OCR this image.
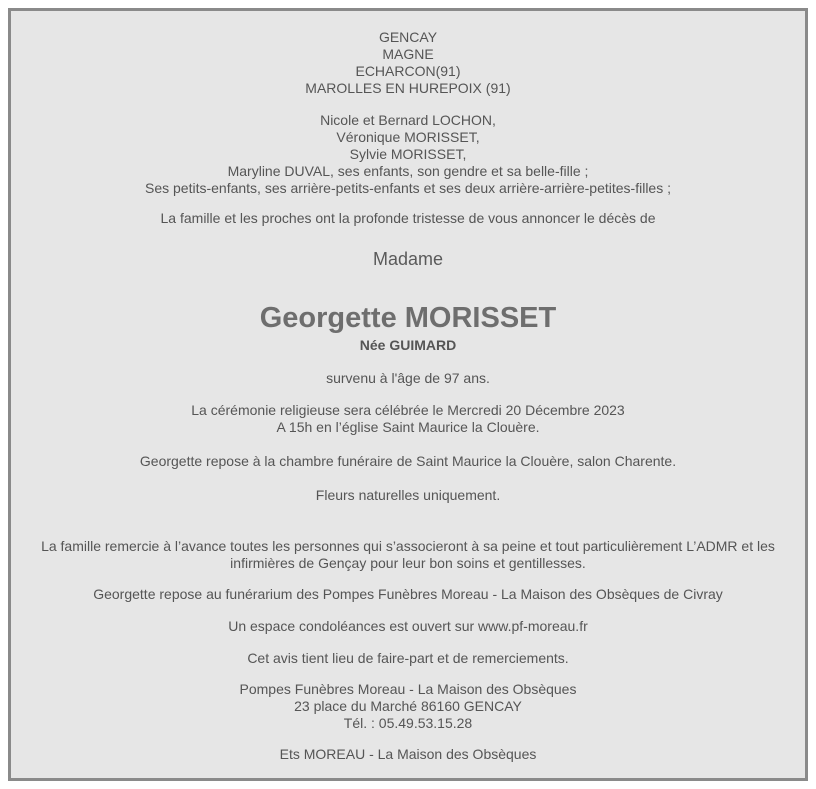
GENCAY
MAGNE
ECHARCON(91)
MAROLLES EN HUREPOIX (91)
Nicole et Bernard LOCHON,
Véronique MORISSET,
Sylvie MORISSET,
Maryline DUVAL, ses enfants, son gendre et sa belle-fille ;
Ses petits-enfants, ses arrière-petits-enfants et ses deux arrière-arrière-petites-filles ;
La famille et les proches ont la profonde tristesse de vous annoncer le décès de
Madame
Georgette MORISSET
Née GUIMARD
survenu à l'âge de 97 ans.
La cérémonie religieuse sera célébrée le Mercredi 20 Décembre 2023
A 15h en l’église Saint Maurice la Clouère.
Georgette repose à la chambre funéraire de Saint Maurice la Clouère, salon Charente.
Fleurs naturelles uniquement.
La famille remercie à l’avance toutes les personnes qui s’associeront à sa peine et tout particulièrement L’ADMR et les infirmières de Gençay pour leur bon soins et gentillesses.
Georgette repose au funérarium des Pompes Funèbres Moreau - La Maison des Obsèques de Civray
Un espace condoléances est ouvert sur www.pf-moreau.fr
Cet avis tient lieu de faire-part et de remerciements.
Pompes Funèbres Moreau - La Maison des Obsèques
23 place du Marché 86160 GENCAY
Tél. : 05.49.53.15.28
Ets MOREAU - La Maison des Obsèques
